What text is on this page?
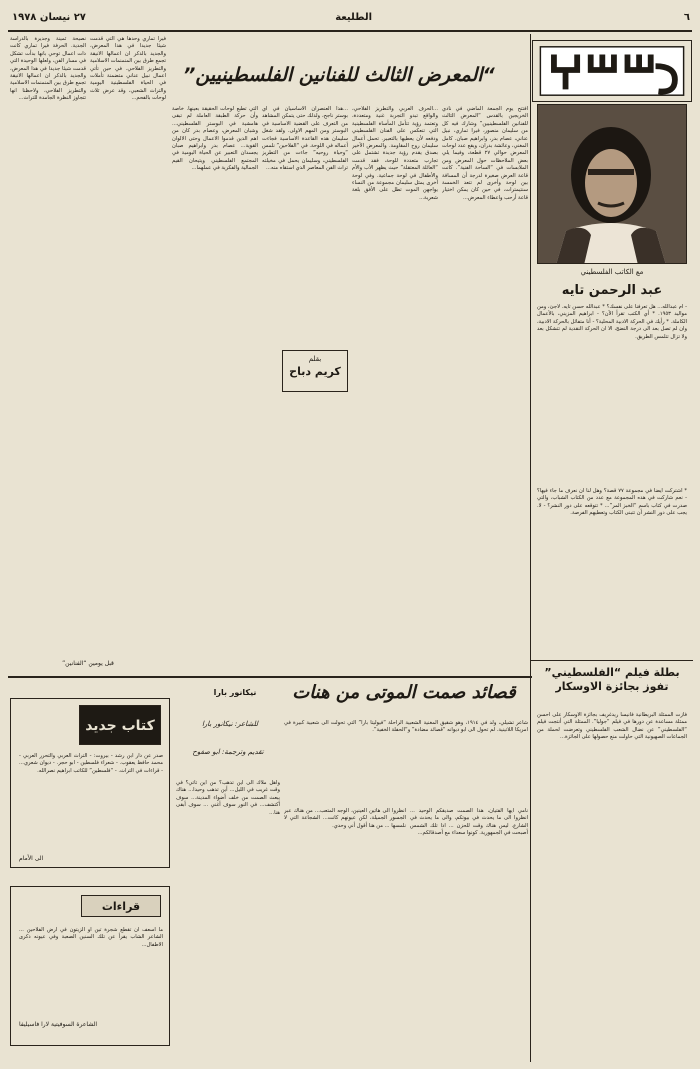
٦
الطليعة
٢٧ نيسان ١٩٧٨
مع الكاتب الفلسطيني
عبد الرحمن تايه
- أم عبدالله... هل تعرفنا على نفسك؟ * عبدالله حسن تايه. لاجئ، ومن مواليد ١٩٥٣. * أي الكتب تقرأ الآن؟ - ابراهيم المزيني، بالأعمال الكاملة. * رأيك في الحركة الادبية المحلية؟ - أنا متفائل بالحركة الادبية، وان لم تصل بعد الى درجة النضج، الا ان الحركة النقدية لم تتشكل بعد ولا تزال تتلمس الطريق.
* اشتركت أيضا في مجموعة ٧٧ قصة؟ وهل لنا أن نعرف ما جاء فيها؟ - نعم شاركت في هذه المجموعة مع عدد من الكتاب الشباب، والتي صدرت في كتاب باسم “الخبز المر”... * تتوقعه على دور النشر؟ - لا. يجب على دور النشر أن تتبنى الكتاب وتعطيهم الفرصة.
“المعرض الثالث للفنانين الفلسطينيين”
افتتح يوم الجمعة الماضي في نادي الخريجين بالقدس “المعرض الثالث للفنانين الفلسطينيين” وشارك فيه كل من سليمان منصور، فيرا تماري، نبيل عناني، عصام بدر، وابراهيم صبان. كامل المغني، وعائشة بدران، ويقع عدد لوحات المعرض حوالي ٢٧ قطعة، وفيما يلي بعض الملاحظات حول المعرض ومن الملابسات في “الساحة الفنية”. كانت قاعة العرض صغيرة لدرجة أن المسافة بين لوحة وأخرى لم تتعد الخمسة سنتيمترات، في حين كان يمكن اختيار قاعة أرحب واعطاء المعرض...
...الحرف العربي والتطريز الفلاحي، والواقع تبدو التجربة غنية ومتعددة، وتعتمد رؤية تتأمل المأساة الفلسطينية التي تنعكس على الفنان الفلسطيني ودفعه لأن يعطيها بالتعبير. تحمل أعمال سليمان روح المقاومة. والمعرض الأخير بصدق يقدم رؤية جديدة تشتمل على تجارب متعددة للوحة، فقد قدمت “العائلة المعتقلة” حيث يظهر الأب والأم والأطفال في لوحة جماعية. وفي لوحة أخرى يمثل سليمان مجموعة من النساء يواجهن الموت تطل على الأفق بلغة شعرية...
...هذا العنصران الاساسيان في أي بوستر ناجح، ولذلك حتى يتمكن المشاهد من التعرف على القضية الاساسية في البوستر ومن المهم الاولى. ولقد شغل سليمان هذه القاعدة الاساسية فجاءت أعماله في اللوحة. في “الفلاحين” نلمس “وحياة روحيه” جاءت من التطريز الفلسطيني، وسليمان يحمل في مخيلته تراث الفن المعاصر الذي استقاه منه...
التي تطبع لوحات الحقيقة بعينها. خاصة وأن حركة الطبقة العاملة لم تبقى هامشية في البوستر الفلسطيني... وشبان المعرض، وعصام بدر كان من اهم الذين قدموا الاعمال وحتى الالوان القوية... عصام بدر وابراهيم صبان يجسدان التعبير عن الحياة اليومية في المجتمع الفلسطيني ويتيحان القيم الجمالية والفكرية في عملهما...
بقلم
كريم دباح
نصيحة ثمينة وجديرة بالدراسة الجدية. الحرفة فيرا تماري كانت ذات اعمال توحي بانها بدأت تشكل في مسار الفن، ولعلها الوحيدة التي قدمت شيئا جديدا في هذا المعرض، والجديد بالذكر ان اعمالها الانيقة تجمع طرق بين المنمنمات الاسلامية والتطريز الفلاحي، ولاحظنا انها تتجاوز النظرة الجامدة للتراث...
فيرا تماري وحدها هي التي قدمت شيئا جديدا في هذا المعرض، والجديد بالذكر ان اعمالها الانيقة تجمع طرق بين المنمنمات الاسلامية والتطريز الفلاحي. في حين تأتي اعمال نبيل عناني متضمنة تأملات في الحياة الفلسطينية اليومية والتراث الشعبي، وقد عرض ثلاث لوحات بالفحم...
قبل يومين “الفنانين”
قصائد صمت الموتى من هنات
نيكانور بارا
للشاعر: نيكانور بارا
تقديم وترجمة: ابو صفوح
شاعر تشيلي، ولد في ١٩١٤، وهو شقيق المغنية الشعبية الراحلة “فيوليتا بارا” التي تحولت الى شعبية كبيرة في امريكا اللاتينية. لم تحول الى ابو ديوانه “قصائد مضادة” و“الحفلة الخفية”.
وأهل ملاك الى أين تذهب؟ من أين تأتي؟ في وقت غريب في الليل... أين تذهب وحيدا... هناك يبعث الصمت من خلف أضواء المدينة... سوف أكتشف... في النور سوف أغني ... سوف أبقى هنا... انظروا الى هاتين العينين، الوجه المتعب... من هناك عبر الجسور الجميلة، لكن عيونهم كانت... الشجاعة التي لا نلمسها ... من هنا أقول أني وحدي.
نامي أيها الفتيان، هذا الصمت صديقكم الوحيد ... انظروا الى ما يحدث في بيوتكم، والى ما يحدث في الشارع. ليس هناك وقت للحزن ... اذا تلك الشمس أصبحت في الجمهورية. كونوا سعداء مع أصدقائكم...
كتاب جديد
صدر عن دار ابن رشد - بيروت: - التراث العربي والتحرر العربي - محمد حافظ يعقوب. - شعراء فلسطين - ابو حجر. - ديوان شعري... - قراءات في التراث. - “فلسطين” للكاتب ابراهيم نصرالله.
الى الأمام
قراءات
ما اسعف ان تقطع شجرة تين او الزيتون في ارض الفلاحين ... الشاعر الشاب يقرأ عن تلك السنين الصعبة وفي عيونه ذكرى الاطفال...
الشاعرة السوفيتية لارا فاسيليفا
بطلة فيلم “الفلسطيني” تفوز بجائزة الاوسكار
فازت الممثلة البريطانية فانيسا ريدغريف بجائزة الاوسكار على أحسن ممثلة مساعدة عن دورها في فيلم “جوليا”. الممثلة التي أنتجت فيلم “الفلسطيني” عن نضال الشعب الفلسطيني وتعرضت لحملة من الجماعات الصهيونية التي حاولت منع حصولها على الجائزة...
